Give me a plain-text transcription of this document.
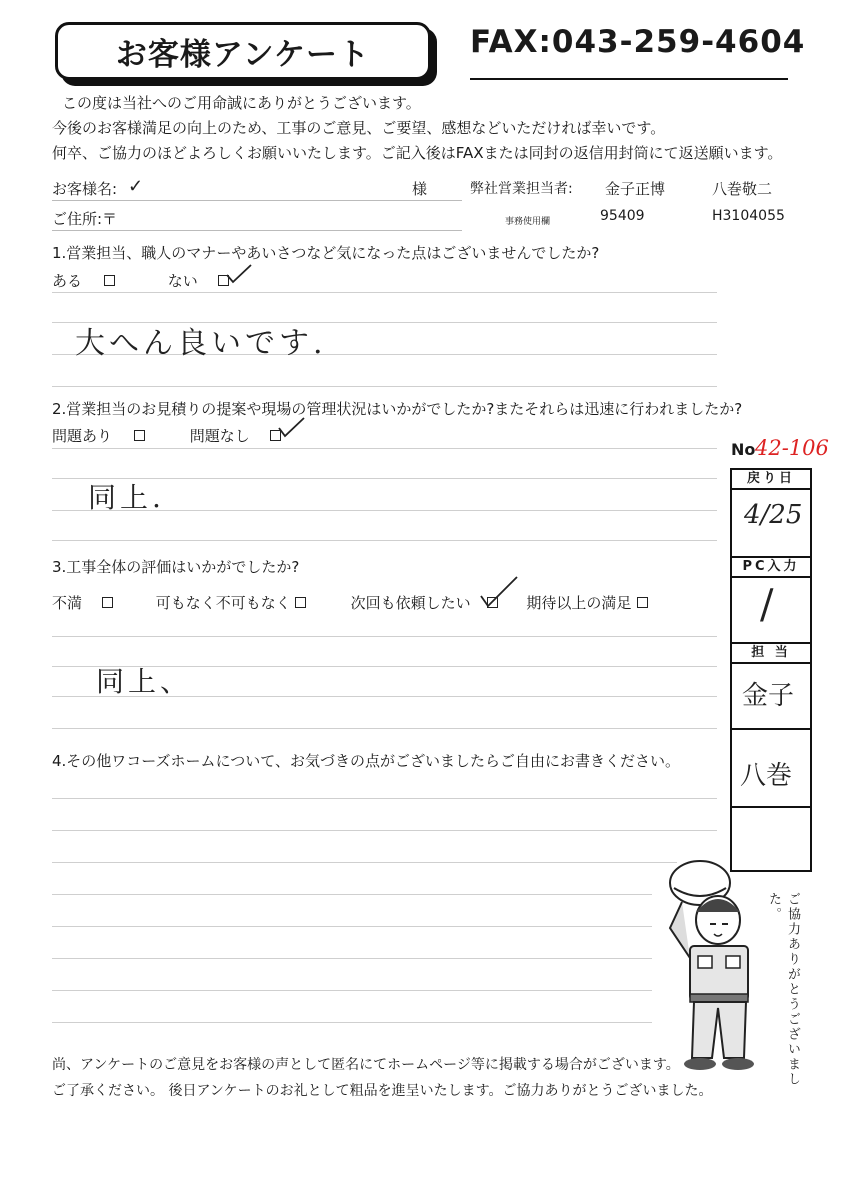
お客様アンケート	FAX:043-259-4604
この度は当社へのご用命誠にありがとうございます。
今後のお客様満足の向上のため、工事のご意見、ご要望、感想などいただければ幸いです。
何卒、ご協力のほどよろしくお願いいたします。ご記入後はFAXまたは同封の返信用封筒にて返送願います。
お客様名: ✓	様	弊社営業担当者: 金子正博	八巻敬二
ご住所:〒	事務使用欄	95409	H3104055
1.営業担当、職人のマナーやあいさつなど気になった点はございませんでしたか?
ある	ない
大へん良いです.
2.営業担当のお見積りの提案や現場の管理状況はいかがでしたか?またそれらは迅速に行われましたか?
問題あり	問題なし
同上.
3.工事全体の評価はいかがでしたか?
不満	可もなく不可もなく	次回も依頼したい	期待以上の満足
同上、
4.その他ワコーズホームについて、お気づきの点がございましたらご自由にお書きください。
No 42-106
戻り日
4/25
PC入力
/
担 当
金子
八巻
ご協力ありがとうございました。
尚、アンケートのご意見をお客様の声として匿名にてホームページ等に掲載する場合がございます。
ご了承ください。 後日アンケートのお礼として粗品を進呈いたします。ご協力ありがとうございました。
